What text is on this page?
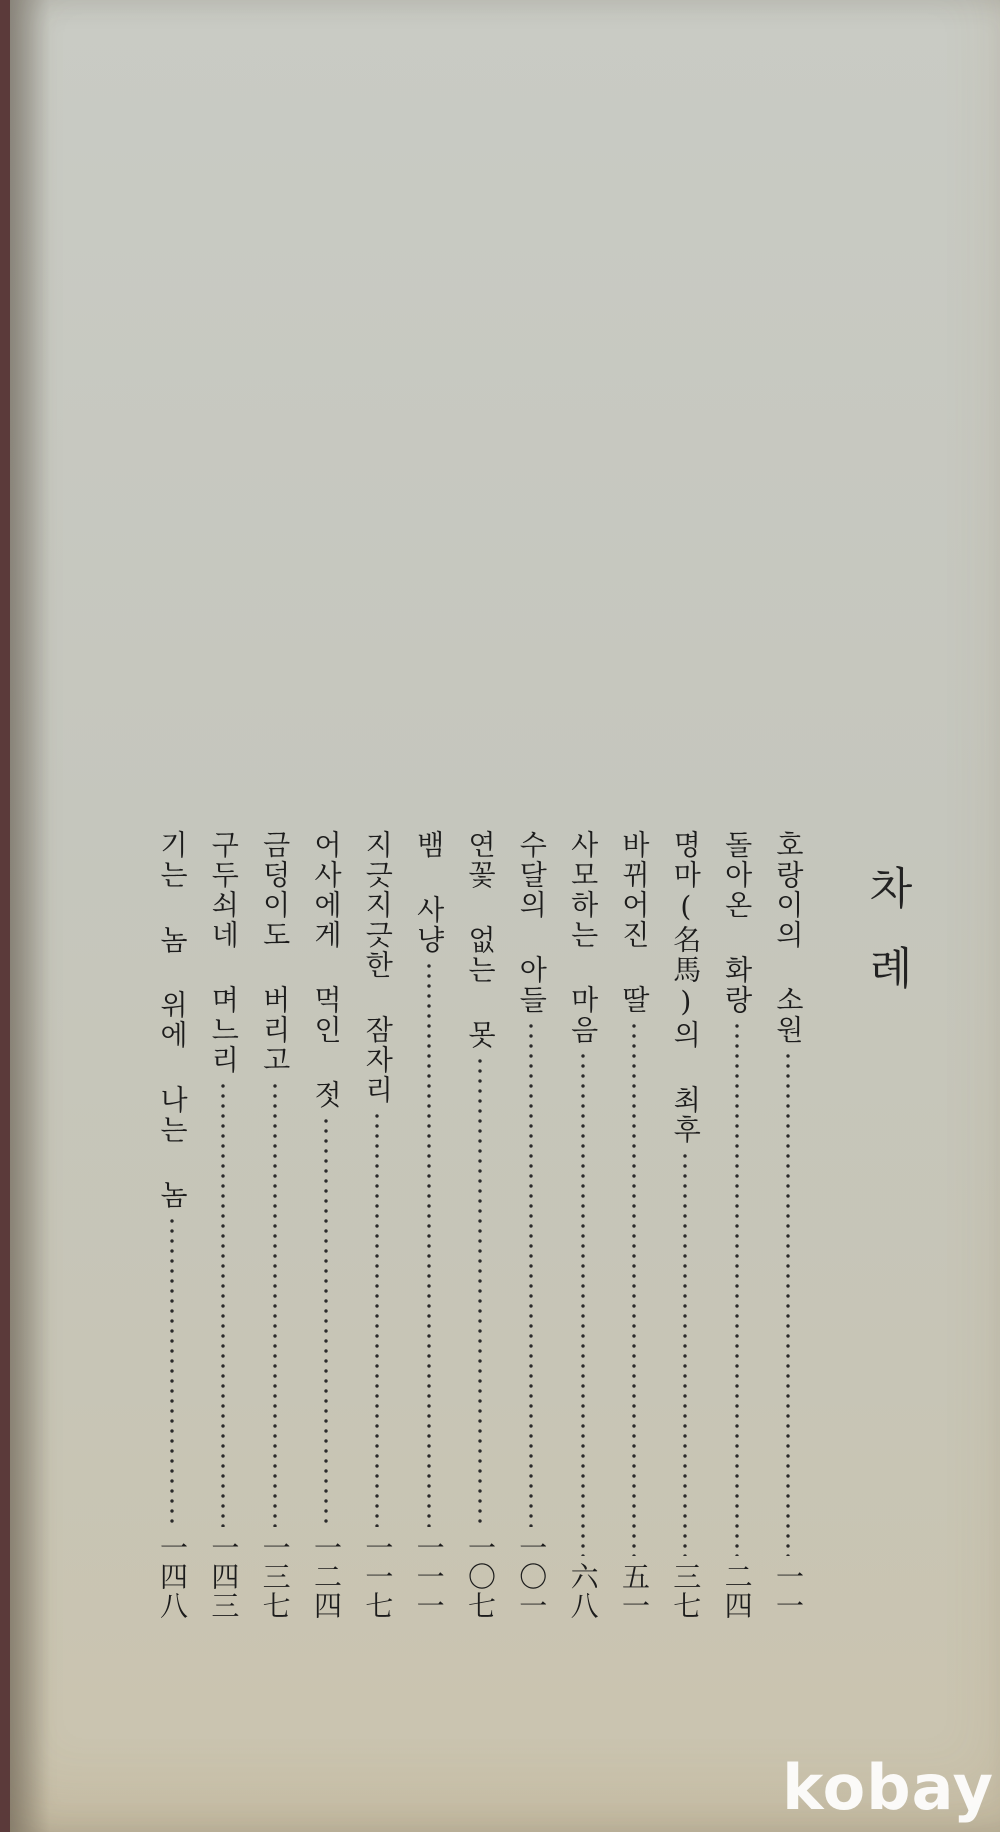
차례
호랑이의 소원
一一
돌아온 화랑
二四
명마(名馬)의 최후
三七
바뀌어진 딸
五一
사모하는 마음
六八
수달의 아들
一〇一
연꽃 없는 못
一〇七
뱀 사냥
一一一
지긋지긋한 잠자리
一一七
어사에게 먹인 젓
一二四
금덩이도 버리고
一三七
구두쇠네 며느리
一四三
기는 놈 위에 나는 놈
一四八
kobay
